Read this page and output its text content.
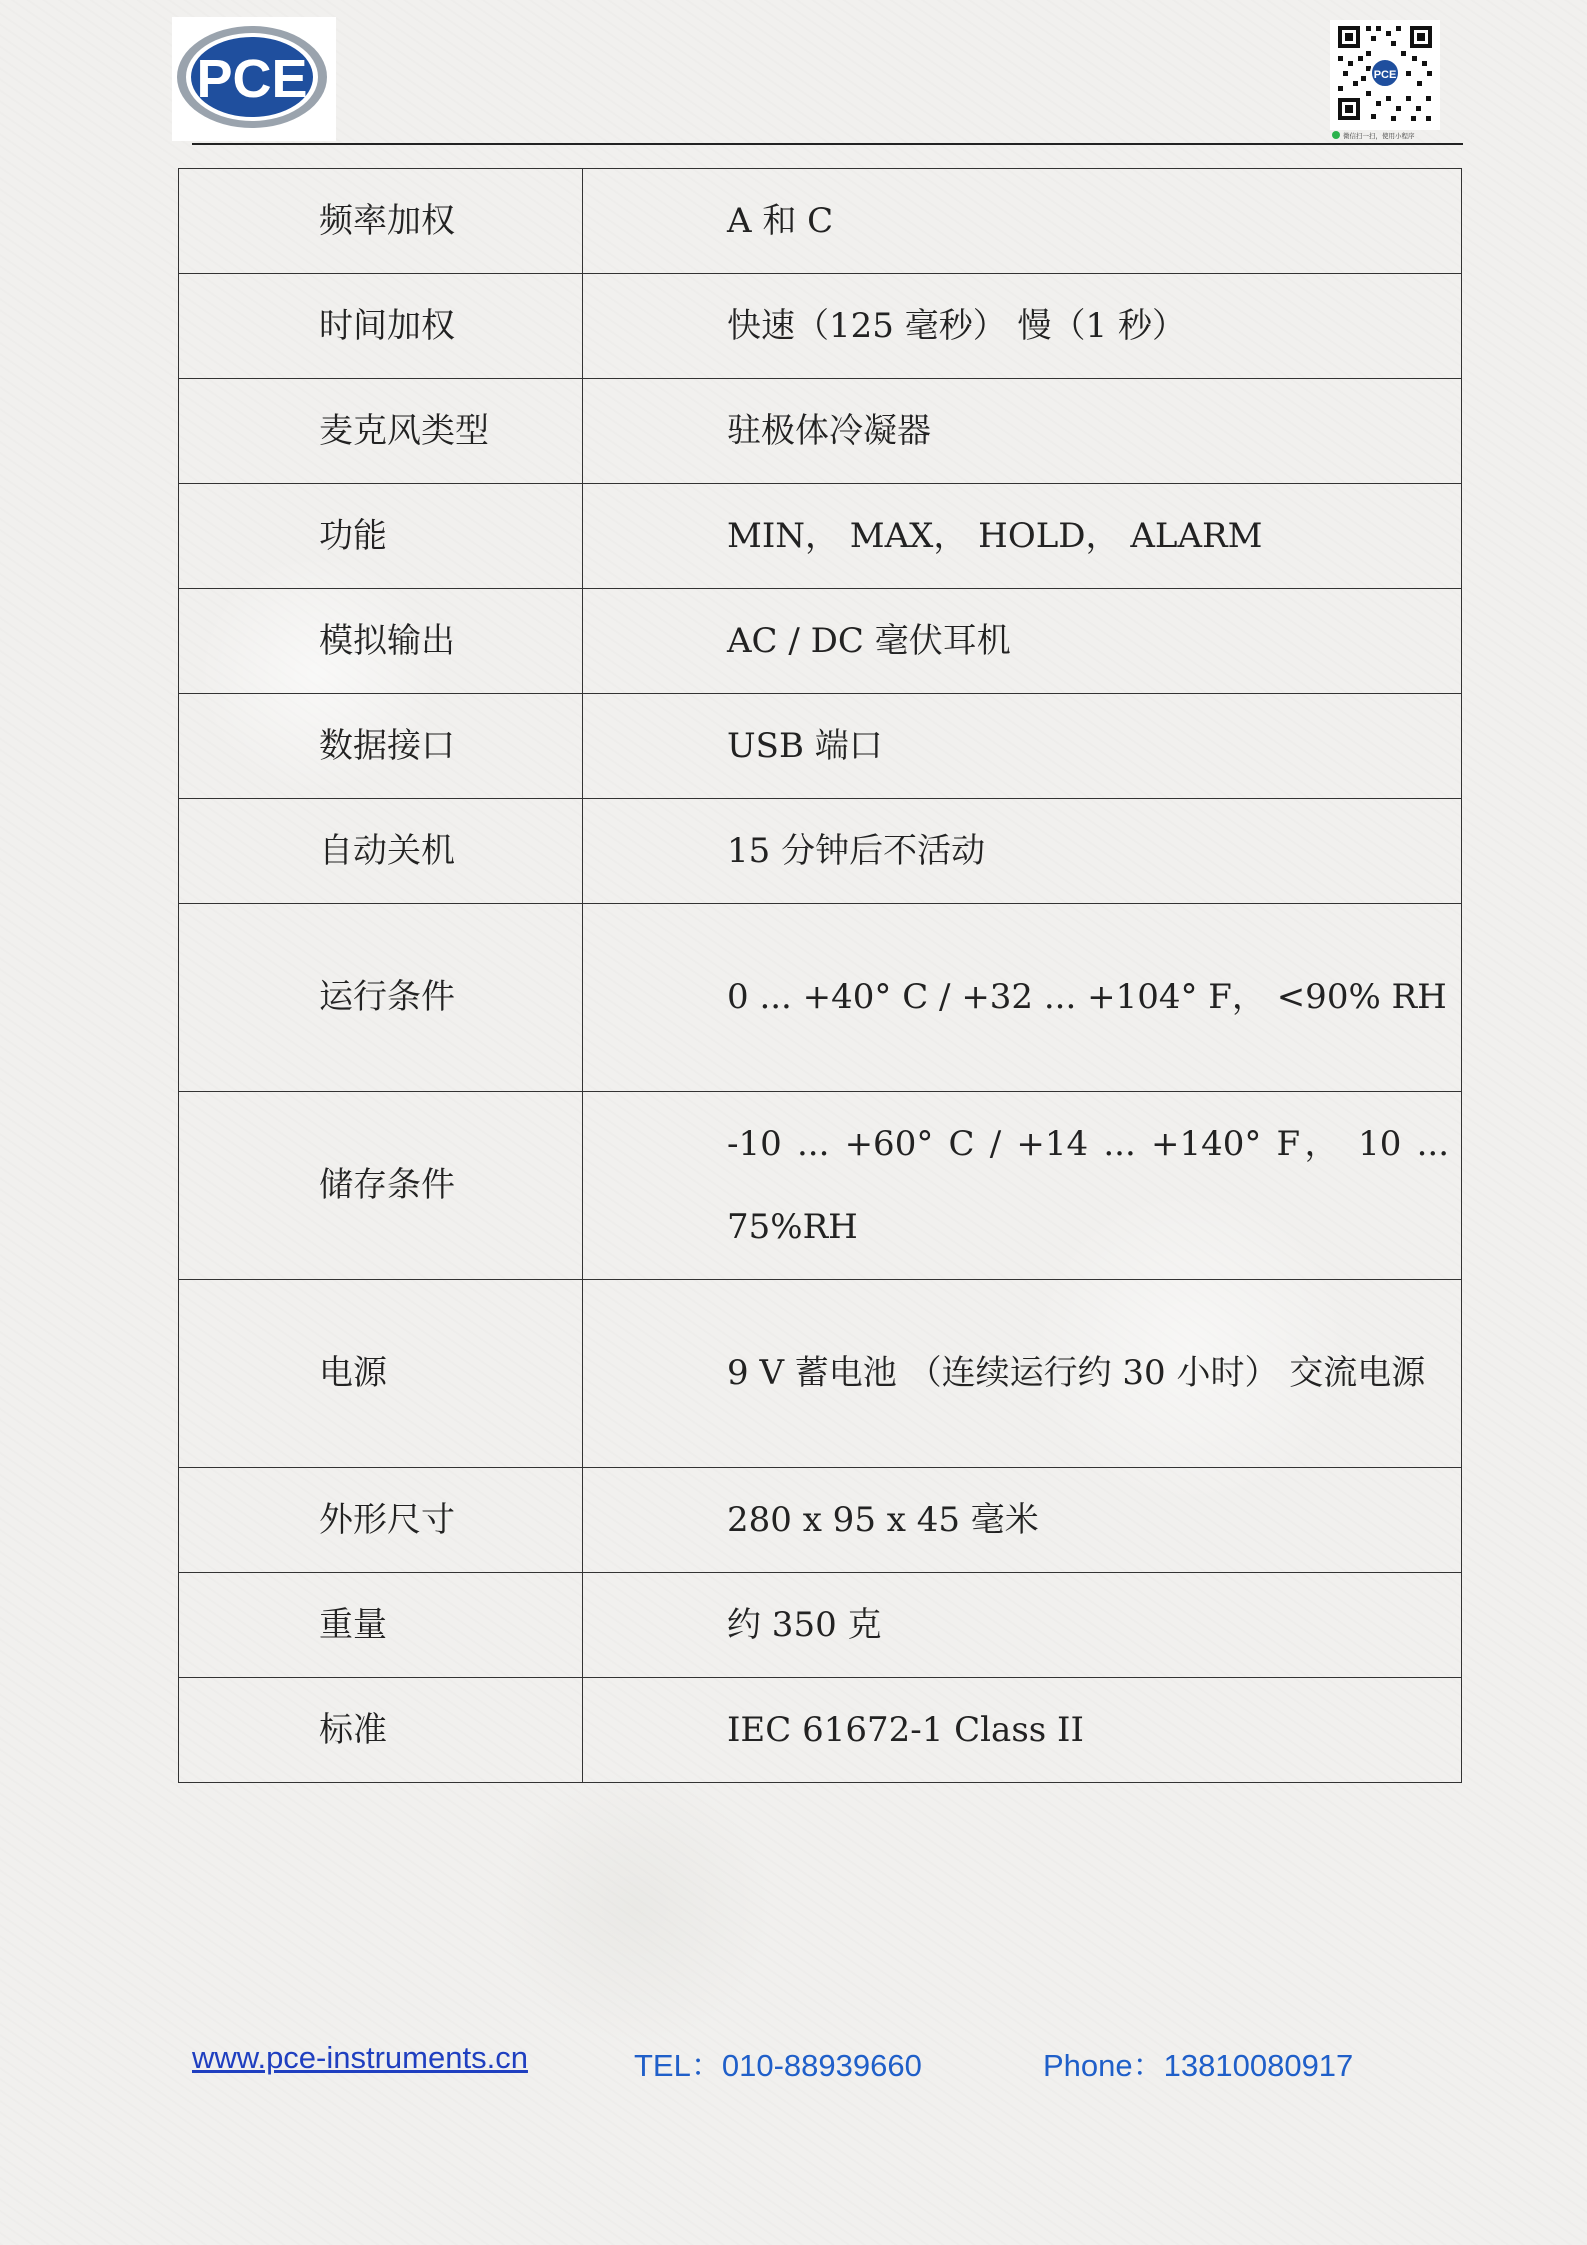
PCE	PCE
微信扫一扫，使用小程序
频率加权	A 和 C
时间加权	快速（125 毫秒） 慢（1 秒）
麦克风类型	驻极体冷凝器
功能	MIN， MAX， HOLD， ALARM
模拟输出	AC / DC 毫伏耳机
数据接口	USB 端口
自动关机	15 分钟后不活动
运行条件	0 ... +40° C / +32 ... +104° F， <90% RH
储存条件	-10 ... +60° C / +14 ... +140° F， 10 ... 75%RH
电源	9 V 蓄电池 （连续运行约 30 小时） 交流电源
外形尺寸	280 x 95 x 45 毫米
重量	约 350 克
标准	IEC 61672-1 Class II
www.pce-instruments.cn	TEL：010-88939660	Phone：13810080917
